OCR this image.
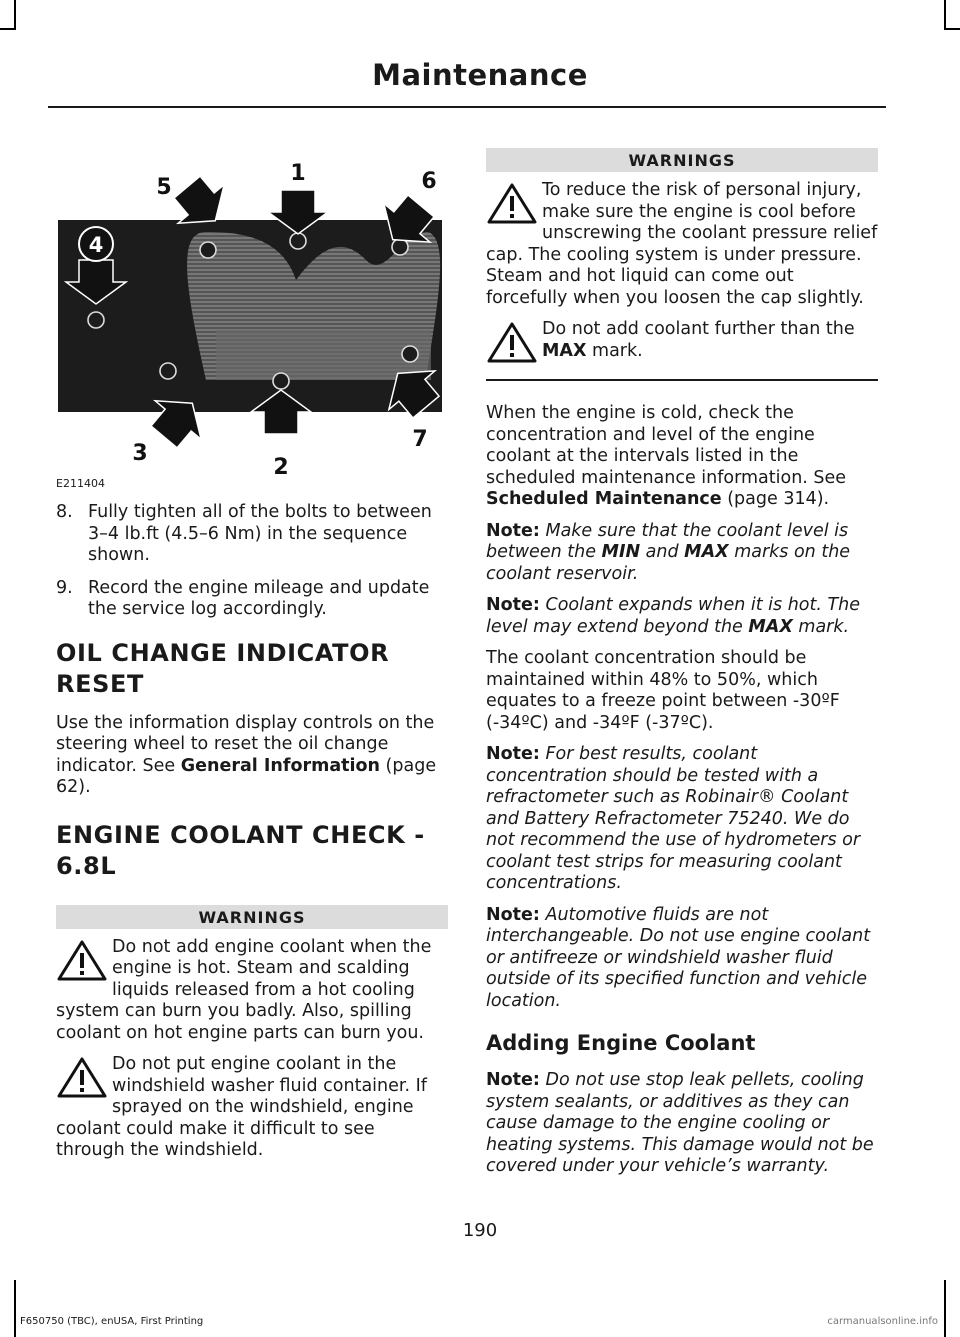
Maintenance
1
2
3
6
5
7
4
E211404
8. Fully tighten all of the bolts to between 3–4 lb.ft (4.5–6 Nm) in the sequence shown.
9. Record the engine mileage and update the service log accordingly.

OIL CHANGE INDICATOR

RESET

Use the information display controls on the steering wheel to reset the oil change indicator. See General Information (page 62).

ENGINE COOLANT CHECK -

6.8L

WARNINGS
Do not add engine coolant when the engine is hot. Steam and scalding liquids released from a hot cooling system can burn you badly. Also, spilling coolant on hot engine parts can burn you.
Do not put engine coolant in the windshield washer fluid container. If sprayed on the windshield, engine coolant could make it difficult to see through the windshield.
WARNINGS
To reduce the risk of personal injury, make sure the engine is cool before unscrewing the coolant pressure relief cap. The cooling system is under pressure. Steam and hot liquid can come out forcefully when you loosen the cap slightly.
Do not add coolant further than the MAX mark.

When the engine is cold, check the concentration and level of the engine coolant at the intervals listed in the scheduled maintenance information. See Scheduled Maintenance (page 314).

Note: Make sure that the coolant level is between the MIN and MAX marks on the coolant reservoir.

Note: Coolant expands when it is hot. The level may extend beyond the MAX mark.

The coolant concentration should be maintained within 48% to 50%, which equates to a freeze point between -30ºF (-34ºC) and -34ºF (-37ºC).

Note: For best results, coolant concentration should be tested with a refractometer such as Robinair® Coolant and Battery Refractometer 75240. We do not recommend the use of hydrometers or coolant test strips for measuring coolant concentrations.

Note: Automotive fluids are not interchangeable. Do not use engine coolant or antifreeze or windshield washer fluid outside of its specified function and vehicle location.

Adding Engine Coolant

Note: Do not use stop leak pellets, cooling system sealants, or additives as they can cause damage to the engine cooling or heating systems. This damage would not be covered under your vehicle’s warranty.

190
F650750 (TBC), enUSA, First Printing	carmanualsonline.info
